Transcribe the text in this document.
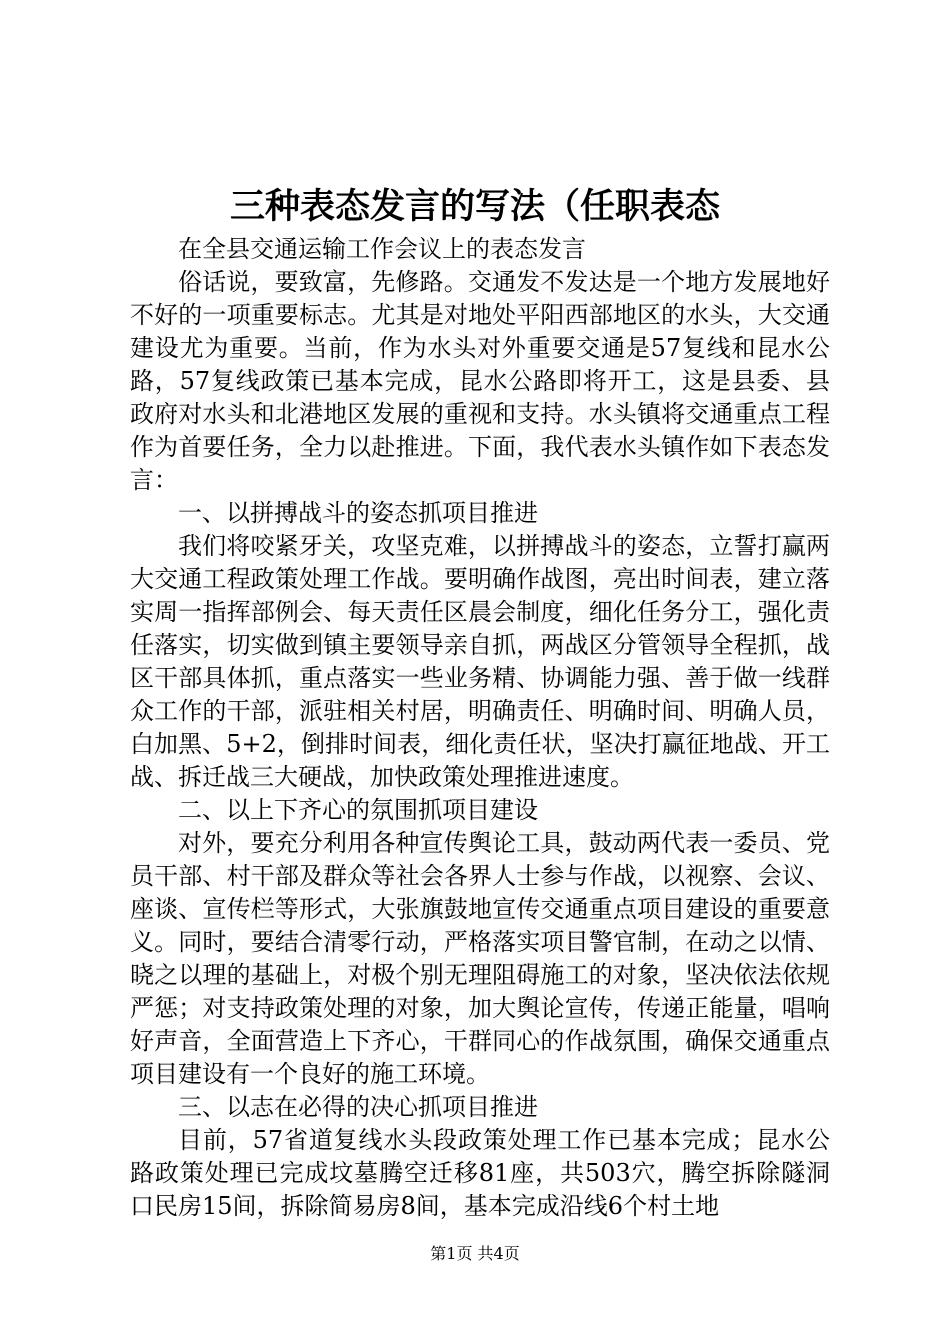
三种表态发言的写法（任职表态

在全县交通运输工作会议上的表态发言

俗话说，要致富，先修路。交通发不发达是一个地方发展地好不好的一项重要标志。尤其是对地处平阳西部地区的水头，大交通建设尤为重要。当前，作为水头对外重要交通是57复线和昆水公路，57复线政策已基本完成，昆水公路即将开工，这是县委、县政府对水头和北港地区发展的重视和支持。水头镇将交通重点工程作为首要任务，全力以赴推进。下面，我代表水头镇作如下表态发言：

一、以拼搏战斗的姿态抓项目推进

我们将咬紧牙关，攻坚克难，以拼搏战斗的姿态，立誓打赢两大交通工程政策处理工作战。要明确作战图，亮出时间表，建立落实周一指挥部例会、每天责任区晨会制度，细化任务分工，强化责任落实，切实做到镇主要领导亲自抓，两战区分管领导全程抓，战区干部具体抓，重点落实一些业务精、协调能力强、善于做一线群众工作的干部，派驻相关村居，明确责任、明确时间、明确人员，白加黑、5+2，倒排时间表，细化责任状，坚决打赢征地战、开工战、拆迁战三大硬战，加快政策处理推进速度。

二、以上下齐心的氛围抓项目建设

对外，要充分利用各种宣传舆论工具，鼓动两代表一委员、党员干部、村干部及群众等社会各界人士参与作战，以视察、会议、座谈、宣传栏等形式，大张旗鼓地宣传交通重点项目建设的重要意义。同时，要结合清零行动，严格落实项目警官制，在动之以情、晓之以理的基础上，对极个别无理阻碍施工的对象，坚决依法依规严惩；对支持政策处理的对象，加大舆论宣传，传递正能量，唱响好声音，全面营造上下齐心，干群同心的作战氛围，确保交通重点项目建设有一个良好的施工环境。

三、以志在必得的决心抓项目推进

目前，57省道复线水头段政策处理工作已基本完成；昆水公路政策处理已完成坟墓腾空迁移81座，共503穴，腾空拆除隧洞口民房15间，拆除简易房8间，基本完成沿线6个村土地

第1页 共4页
